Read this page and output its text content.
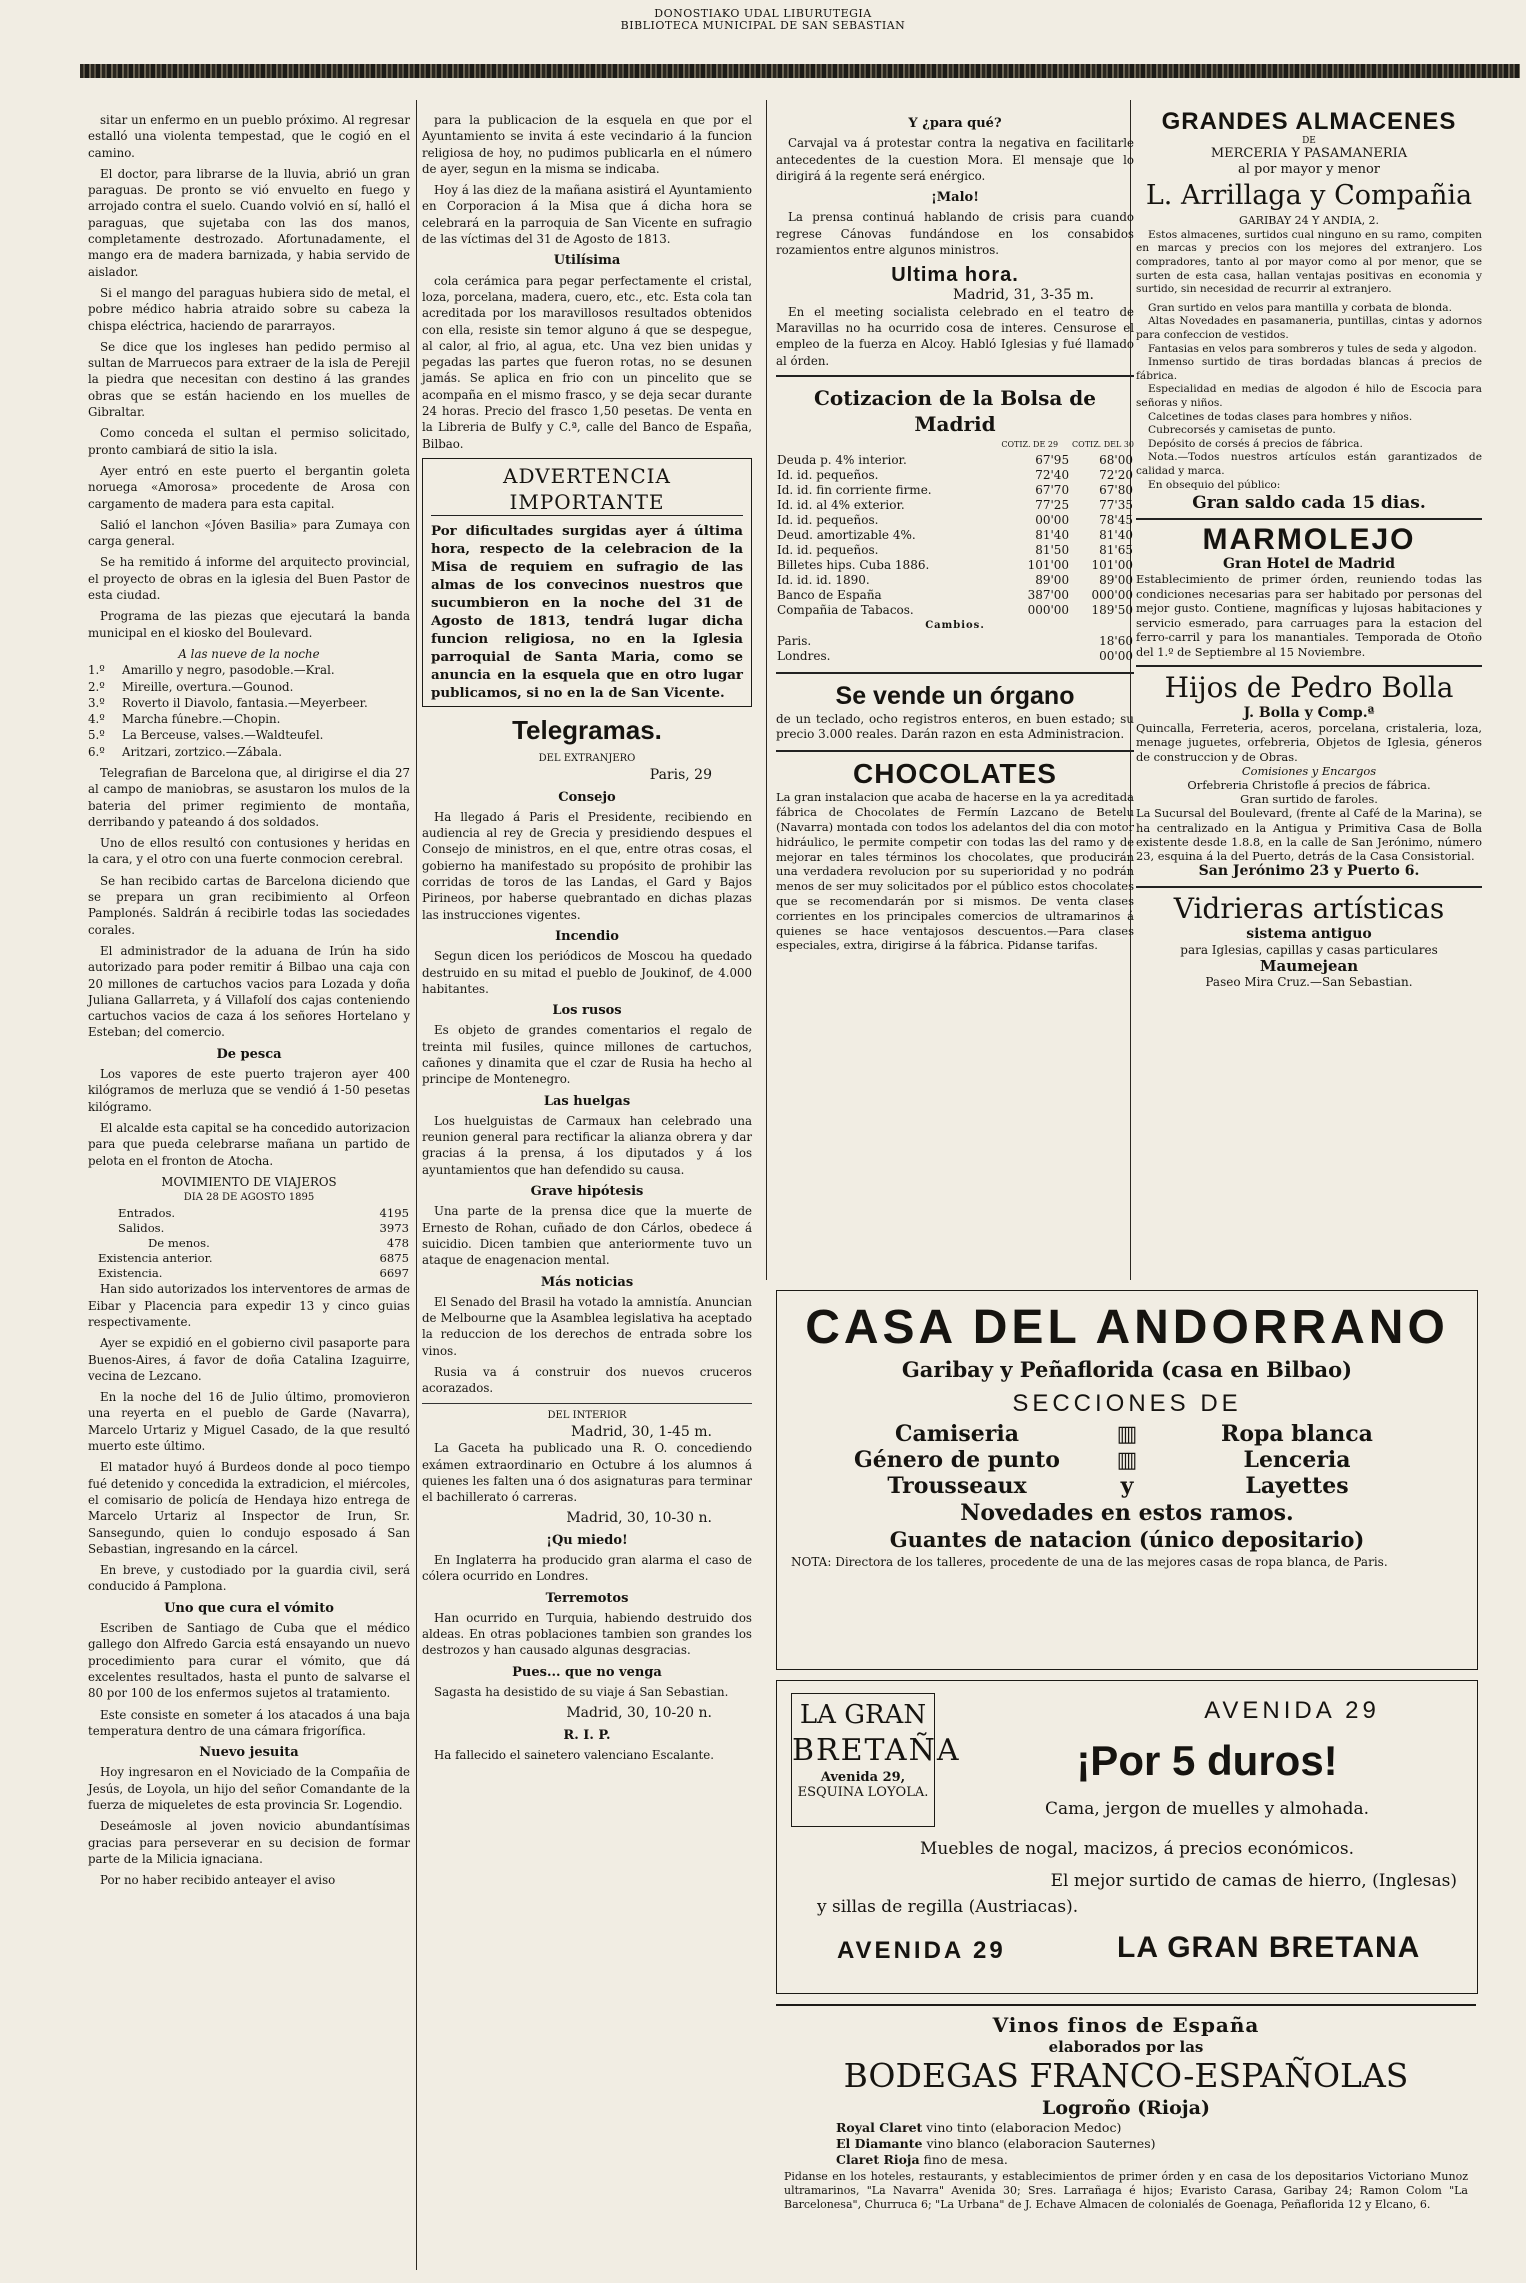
DONOSTIAKO UDAL LIBURUTEGIA
BIBLIOTECA MUNICIPAL DE SAN SEBASTIAN

sitar un enfermo en un pueblo próximo. Al regresar estalló una violenta tempestad, que le cogió en el camino.

El doctor, para librarse de la lluvia, abrió un gran paraguas. De pronto se vió envuelto en fuego y arrojado contra el suelo. Cuando volvió en sí, halló el paraguas, que sujetaba con las dos manos, completamente destrozado. Afortunadamente, el mango era de madera barnizada, y habia servido de aislador.

Si el mango del paraguas hubiera sido de metal, el pobre médico habria atraido sobre su cabeza la chispa eléctrica, haciendo de pararrayos.

Se dice que los ingleses han pedido permiso al sultan de Marruecos para extraer de la isla de Perejil la piedra que necesitan con destino á las grandes obras que se están haciendo en los muelles de Gibraltar.

Como conceda el sultan el permiso solicitado, pronto cambiará de sitio la isla.

Ayer entró en este puerto el bergantin goleta noruega «Amorosa» procedente de Arosa con cargamento de madera para esta capital.

Salió el lanchon «Jóven Basilia» para Zumaya con carga general.

Se ha remitido á informe del arquitecto provincial, el proyecto de obras en la iglesia del Buen Pastor de esta ciudad.

Programa de las piezas que ejecutará la banda municipal en el kiosko del Boulevard.

A las nueve de la noche
1.º	Amarillo y negro, pasodoble.—Kral.
2.º	Mireille, overtura.—Gounod.
3.º	Roverto il Diavolo, fantasia.—Meyerbeer.
4.º	Marcha fúnebre.—Chopin.
5.º	La Berceuse, valses.—Waldteufel.
6.º	Aritzari, zortzico.—Zábala.

Telegrafian de Barcelona que, al dirigirse el dia 27 al campo de maniobras, se asustaron los mulos de la bateria del primer regimiento de montaña, derribando y pateando á dos soldados.

Uno de ellos resultó con contusiones y heridas en la cara, y el otro con una fuerte conmocion cerebral.

Se han recibido cartas de Barcelona diciendo que se prepara un gran recibimiento al Orfeon Pamplonés. Saldrán á recibirle todas las sociedades corales.

El administrador de la aduana de Irún ha sido autorizado para poder remitir á Bilbao una caja con 20 millones de cartuchos vacios para Lozada y doña Juliana Gallarreta, y á Villafolí dos cajas conteniendo cartuchos vacios de caza á los señores Hortelano y Esteban; del comercio.

De pesca

Los vapores de este puerto trajeron ayer 400 kilógramos de merluza que se vendió á 1-50 pesetas kilógramo.

El alcalde esta capital se ha concedido autorizacion para que pueda celebrarse mañana un partido de pelota en el fronton de Atocha.

MOVIMIENTO DE VIAJEROS
DIA 28 DE AGOSTO 1895
Entrados.	4195
Salidos.	3973
De menos.	478
Existencia anterior.	6875
Existencia.	6697

Han sido autorizados los interventores de armas de Eibar y Placencia para expedir 13 y cinco guias respectivamente.

Ayer se expidió en el gobierno civil pasaporte para Buenos-Aires, á favor de doña Catalina Izaguirre, vecina de Lezcano.

En la noche del 16 de Julio último, promovieron una reyerta en el pueblo de Garde (Navarra), Marcelo Urtariz y Miguel Casado, de la que resultó muerto este último.

El matador huyó á Burdeos donde al poco tiempo fué detenido y concedida la extradicion, el miércoles, el comisario de policía de Hendaya hizo entrega de Marcelo Urtariz al Inspector de Irun, Sr. Sansegundo, quien lo condujo esposado á San Sebastian, ingresando en la cárcel.

En breve, y custodiado por la guardia civil, será conducido á Pamplona.

Uno que cura el vómito

Escriben de Santiago de Cuba que el médico gallego don Alfredo Garcia está ensayando un nuevo procedimiento para curar el vómito, que dá excelentes resultados, hasta el punto de salvarse el 80 por 100 de los enfermos sujetos al tratamiento.

Este consiste en someter á los atacados á una baja temperatura dentro de una cámara frigorífica.

Nuevo jesuita

Hoy ingresaron en el Noviciado de la Compañia de Jesús, de Loyola, un hijo del señor Comandante de la fuerza de miqueletes de esta provincia Sr. Logendio.

Deseámosle al joven novicio abundantísimas gracias para perseverar en su decision de formar parte de la Milicia ignaciana.

Por no haber recibido anteayer el aviso

para la publicacion de la esquela en que por el Ayuntamiento se invita á este vecindario á la funcion religiosa de hoy, no pudimos publicarla en el número de ayer, segun en la misma se indicaba.

Hoy á las diez de la mañana asistirá el Ayuntamiento en Corporacion á la Misa que á dicha hora se celebrará en la parroquia de San Vicente en sufragio de las víctimas del 31 de Agosto de 1813.

Utilísima

cola cerámica para pegar perfectamente el cristal, loza, porcelana, madera, cuero, etc., etc. Esta cola tan acreditada por los maravillosos resultados obtenidos con ella, resiste sin temor alguno á que se despegue, al calor, al frio, al agua, etc. Una vez bien unidas y pegadas las partes que fueron rotas, no se desunen jamás. Se aplica en frio con un pincelito que se acompaña en el mismo frasco, y se deja secar durante 24 horas. Precio del frasco 1,50 pesetas. De venta en la Libreria de Bulfy y C.ª, calle del Banco de España, Bilbao.

ADVERTENCIA IMPORTANTE
Por dificultades surgidas ayer á última hora, respecto de la celebracion de la Misa de requiem en sufragio de las almas de los convecinos nuestros que sucumbieron en la noche del 31 de Agosto de 1813, tendrá lugar dicha funcion religiosa, no en la Iglesia parroquial de Santa Maria, como se anuncia en la esquela que en otro lugar publicamos, si no en la de San Vicente.
Telegramas.
DEL EXTRANJERO
Paris, 29
Consejo

Ha llegado á Paris el Presidente, recibiendo en audiencia al rey de Grecia y presidiendo despues el Consejo de ministros, en el que, entre otras cosas, el gobierno ha manifestado su propósito de prohibir las corridas de toros de las Landas, el Gard y Bajos Pirineos, por haberse quebrantado en dichas plazas las instrucciones vigentes.

Incendio

Segun dicen los periódicos de Moscou ha quedado destruido en su mitad el pueblo de Joukinof, de 4.000 habitantes.

Los rusos

Es objeto de grandes comentarios el regalo de treinta mil fusiles, quince millones de cartuchos, cañones y dinamita que el czar de Rusia ha hecho al principe de Montenegro.

Las huelgas

Los huelguistas de Carmaux han celebrado una reunion general para rectificar la alianza obrera y dar gracias á la prensa, á los diputados y á los ayuntamientos que han defendido su causa.

Grave hipótesis

Una parte de la prensa dice que la muerte de Ernesto de Rohan, cuñado de don Cárlos, obedece á suicidio. Dicen tambien que anteriormente tuvo un ataque de enagenacion mental.

Más noticias

El Senado del Brasil ha votado la amnistía. Anuncian de Melbourne que la Asamblea legislativa ha aceptado la reduccion de los derechos de entrada sobre los vinos.

Rusia va á construir dos nuevos cruceros acorazados.

DEL INTERIOR
Madrid, 30, 1-45 m.

La Gaceta ha publicado una R. O. concediendo exámen extraordinario en Octubre á los alumnos á quienes les falten una ó dos asignaturas para terminar el bachillerato ó carreras.

Madrid, 30, 10-30 n.
¡Qu miedo!

En Inglaterra ha producido gran alarma el caso de cólera ocurrido en Londres.

Terremotos

Han ocurrido en Turquia, habiendo destruido dos aldeas. En otras poblaciones tambien son grandes los destrozos y han causado algunas desgracias.

Pues... que no venga

Sagasta ha desistido de su viaje á San Sebastian.

Madrid, 30, 10-20 n.
R. I. P.

Ha fallecido el sainetero valenciano Escalante.

Y ¿para qué?

Carvajal va á protestar contra la negativa en facilitarle antecedentes de la cuestion Mora. El mensaje que lo dirigirá á la regente será enérgico.

¡Malo!

La prensa continuá hablando de crisis para cuando regrese Cánovas fundándose en los consabidos rozamientos entre algunos ministros.

Ultima hora.
Madrid, 31, 3-35 m.

En el meeting socialista celebrado en el teatro de Maravillas no ha ocurrido cosa de interes. Censurose el empleo de la fuerza en Alcoy. Habló Iglesias y fué llamado al órden.

Cotizacion de la Bolsa de Madrid
COTIZ. DE 29 COTIZ. DEL 30
Deuda p. 4% interior.	67'95	68'00
Id. id. pequeños.	72'40	72'20
Id. id. fin corriente firme.	67'70	67'80
Id. id. al 4% exterior.	77'25	77'35
Id. id. pequeños.	00'00	78'45
Deud. amortizable 4%.	81'40	81'40
Id. id. pequeños.	81'50	81'65
Billetes hips. Cuba 1886.	101'00	101'00
Id. id. id. 1890.	89'00	89'00
Banco de España	387'00	000'00
Compañia de Tabacos.	000'00	189'50
Cambios.
Paris.	18'60
Londres.	00'00
Se vende un órgano
de un teclado, ocho registros enteros, en buen estado; su precio 3.000 reales. Darán razon en esta Administracion.
CHOCOLATES
La gran instalacion que acaba de hacerse en la ya acreditada fábrica de Chocolates de Fermín Lazcano de Betelu (Navarra) montada con todos los adelantos del dia con motor hidráulico, le permite competir con todas las del ramo y de mejorar en tales términos los chocolates, que producirán una verdadera revolucion por su superioridad y no podrán menos de ser muy solicitados por el público estos chocolates que se recomendarán por si mismos. De venta clases corrientes en los principales comercios de ultramarinos á quienes se hace ventajosos descuentos.—Para clases especiales, extra, dirigirse á la fábrica. Pidanse tarifas.
GRANDES ALMACENES
DE
MERCERIA Y PASAMANERIA
al por mayor y menor
L. Arrillaga y Compañia
GARIBAY 24 Y ANDIA, 2.

Estos almacenes, surtidos cual ninguno en su ramo, compiten en marcas y precios con los mejores del extranjero. Los compradores, tanto al por mayor como al por menor, que se surten de esta casa, hallan ventajas positivas en economia y surtido, sin necesidad de recurrir al extranjero.

Gran surtido en velos para mantilla y corbata de blonda.

Altas Novedades en pasamaneria, puntillas, cintas y adornos para confeccion de vestidos.

Fantasias en velos para sombreros y tules de seda y algodon.

Inmenso surtido de tiras bordadas blancas á precios de fábrica.

Especialidad en medias de algodon é hilo de Escocia para señoras y niños.

Calcetines de todas clases para hombres y niños.

Cubrecorsés y camisetas de punto.

Depósito de corsés á precios de fábrica.

Nota.—Todos nuestros artículos están garantizados de calidad y marca.

En obsequio del público:

Gran saldo cada 15 dias.
MARMOLEJO
Gran Hotel de Madrid
Establecimiento de primer órden, reuniendo todas las condiciones necesarias para ser habitado por personas del mejor gusto. Contiene, magníficas y lujosas habitaciones y servicio esmerado, para carruages para la estacion del ferro-carril y para los manantiales. Temporada de Otoño del 1.º de Septiembre al 15 Noviembre.
Hijos de Pedro Bolla
J. Bolla y Comp.ª
Quincalla, Ferreteria, aceros, porcelana, cristaleria, loza, menage juguetes, orfebreria, Objetos de Iglesia, géneros de construccion y de Obras.
Comisiones y Encargos
Orfebreria Christofle á precios de fábrica.
Gran surtido de faroles.
La Sucursal del Boulevard, (frente al Café de la Marina), se ha centralizado en la Antigua y Primitiva Casa de Bolla existente desde 1.8.8, en la calle de San Jerónimo, número 23, esquina á la del Puerto, detrás de la Casa Consistorial.
San Jerónimo 23 y Puerto 6.
Vidrieras artísticas
sistema antiguo
para Iglesias, capillas y casas particulares
Maumejean
Paseo Mira Cruz.—San Sebastian.
CASA DEL ANDORRANO
Garibay y Peñaflorida (casa en Bilbao)
SECCIONES DE
Camiseria	▥	Ropa blanca
Género de punto	▥	Lenceria
Trousseaux	y	Layettes
Novedades en estos ramos.
Guantes de natacion (único depositario)
NOTA: Directora de los talleres, procedente de una de las mejores casas de ropa blanca, de Paris.
LA GRAN
BRETAÑA
Avenida 29,
ESQUINA LOYOLA.
AVENIDA 29
¡Por 5 duros!
Cama, jergon de muelles y almohada.
Muebles de nogal, macizos, á precios económicos.
El mejor surtido de camas de hierro, (Inglesas)
y sillas de regilla (Austriacas).
AVENIDA 29	LA GRAN BRETANA
Vinos finos de España
elaborados por las
BODEGAS FRANCO-ESPAÑOLAS
Logroño (Rioja)
Royal Claret vino tinto (elaboracion Medoc)
El Diamante vino blanco (elaboracion Sauternes)
Claret Rioja fino de mesa.
Pidanse en los hoteles, restaurants, y establecimientos de primer órden y en casa de los depositarios Victoriano Munoz ultramarinos, "La Navarra" Avenida 30; Sres. Larrañaga é hijos; Evaristo Carasa, Garibay 24; Ramon Colom "La Barcelonesa", Churruca 6; "La Urbana" de J. Echave Almacen de colonialés de Goenaga, Peñaflorida 12 y Elcano, 6.
